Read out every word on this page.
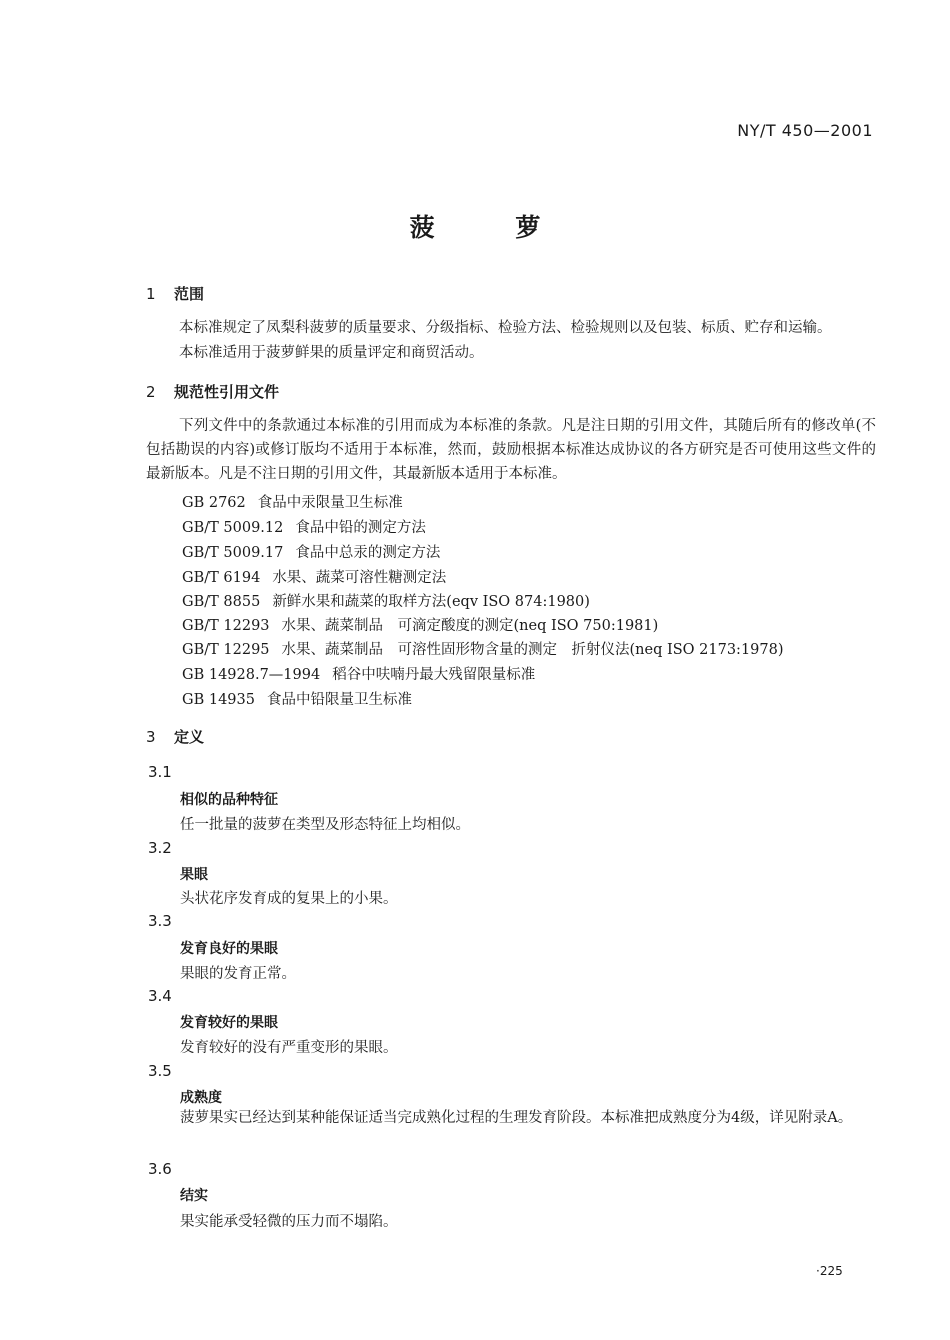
NY/T 450—2001
菠 萝
1 范围
本标准规定了凤梨科菠萝的质量要求、分级指标、检验方法、检验规则以及包装、标质、贮存和运输。
本标准适用于菠萝鲜果的质量评定和商贸活动。
2 规范性引用文件
下列文件中的条款通过本标准的引用而成为本标准的条款。凡是注日期的引用文件，其随后所有的修改单(不包括勘误的内容)或修订版均不适用于本标准，然而，鼓励根据本标准达成协议的各方研究是否可使用这些文件的最新版本。凡是不注日期的引用文件，其最新版本适用于本标准。
GB 2762 食品中汞限量卫生标准
GB/T 5009.12 食品中铅的测定方法
GB/T 5009.17 食品中总汞的测定方法
GB/T 6194 水果、蔬菜可溶性糖测定法
GB/T 8855 新鲜水果和蔬菜的取样方法(eqv ISO 874:1980)
GB/T 12293 水果、蔬菜制品　可滴定酸度的测定(neq ISO 750:1981)
GB/T 12295 水果、蔬菜制品　可溶性固形物含量的测定　折射仪法(neq ISO 2173:1978)
GB 14928.7—1994 稻谷中呋喃丹最大残留限量标准
GB 14935 食品中铅限量卫生标准
3 定义
3.1
相似的品种特征
任一批量的菠萝在类型及形态特征上均相似。
3.2
果眼
头状花序发育成的复果上的小果。
3.3
发育良好的果眼
果眼的发育正常。
3.4
发育较好的果眼
发育较好的没有严重变形的果眼。
3.5
成熟度
菠萝果实已经达到某种能保证适当完成熟化过程的生理发育阶段。本标准把成熟度分为4级，详见附录A。
3.6
结实
果实能承受轻微的压力而不塌陷。
·225
